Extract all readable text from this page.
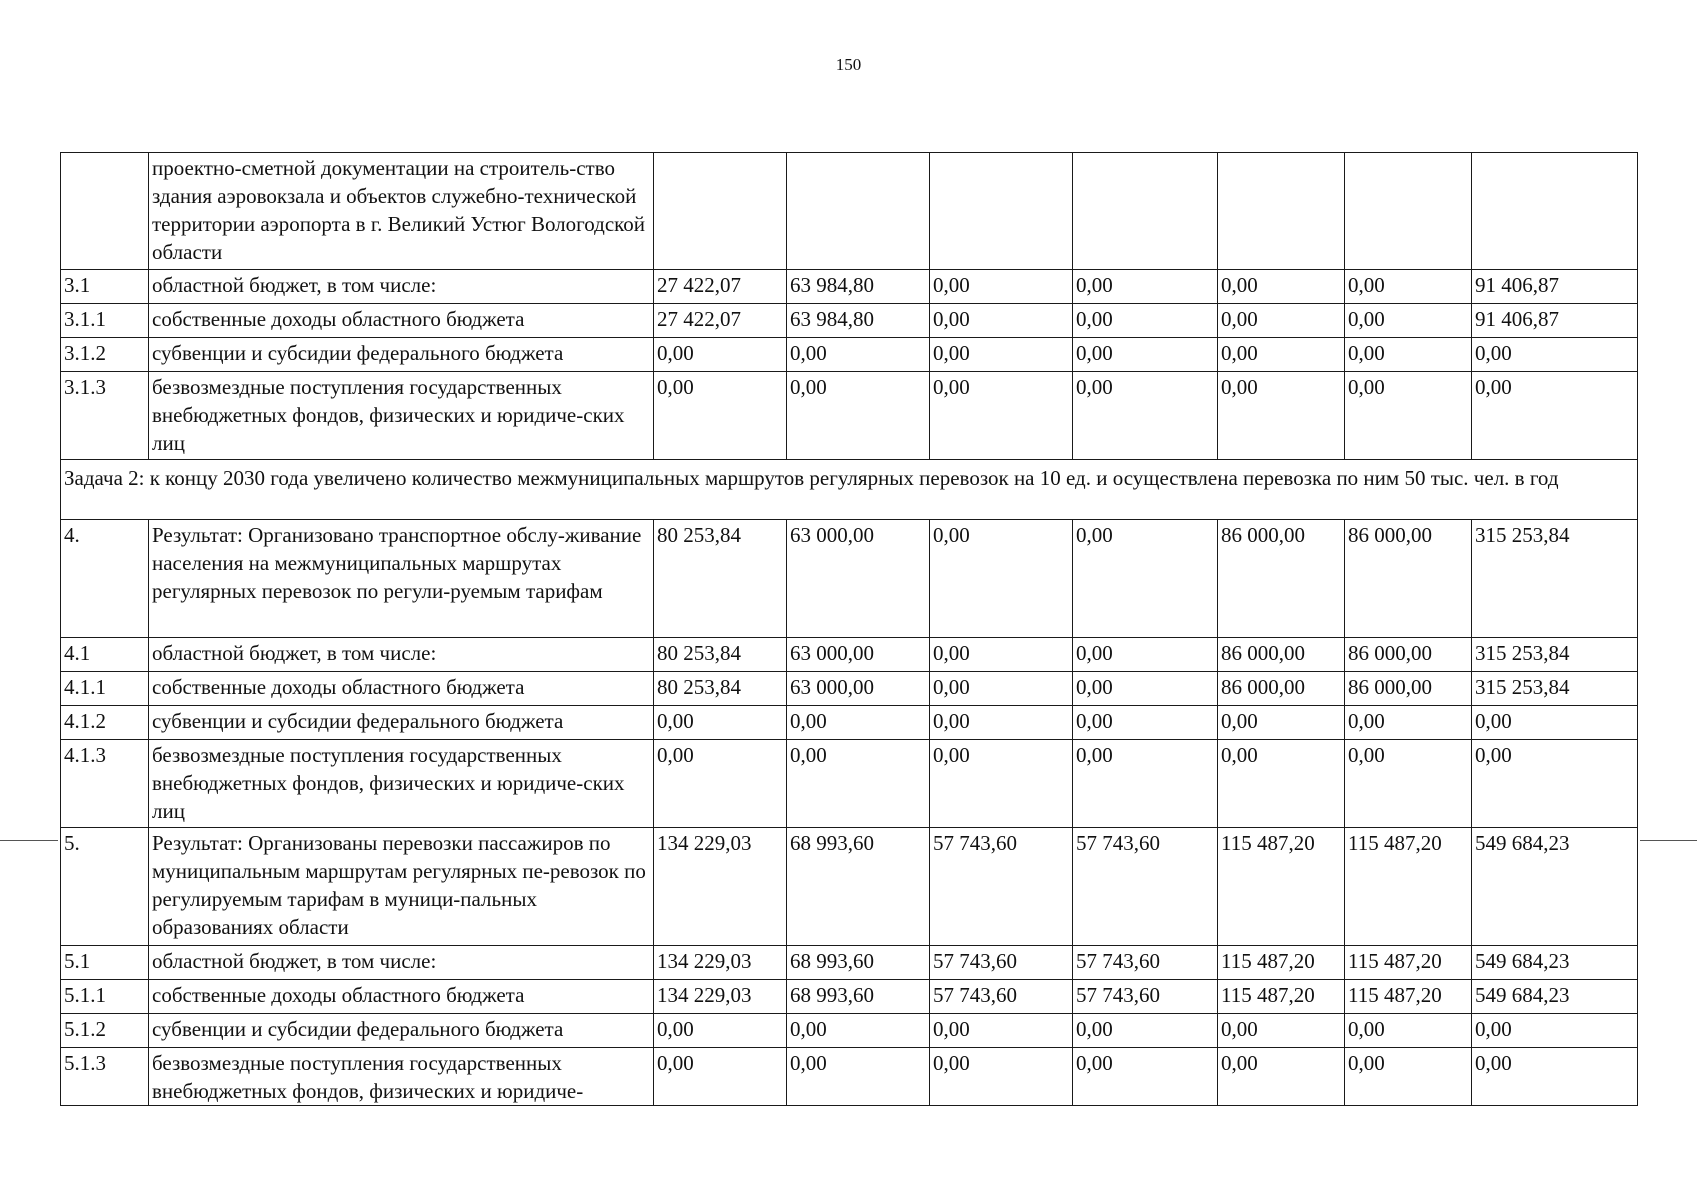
150
	проектно-сметной документации на строитель-ство здания аэровокзала и объектов служебно-технической территории аэропорта в г. Великий Устюг Вологодской области							
3.1	областной бюджет, в том числе:	27 422,07	63 984,80	0,00	0,00	0,00	0,00	91 406,87
3.1.1	собственные доходы областного бюджета	27 422,07	63 984,80	0,00	0,00	0,00	0,00	91 406,87
3.1.2	субвенции и субсидии федерального бюджета	0,00	0,00	0,00	0,00	0,00	0,00	0,00
3.1.3	безвозмездные поступления государственных внебюджетных фондов, физических и юридиче-ских лиц	0,00	0,00	0,00	0,00	0,00	0,00	0,00
Задача 2: к концу 2030 года увеличено количество межмуниципальных маршрутов регулярных перевозок на 10 ед. и осуществлена перевозка по ним 50 тыс. чел. в год								
4.	Результат: Организовано транспортное обслу-живание населения на межмуниципальных маршрутах регулярных перевозок по регули-руемым тарифам	80 253,84	63 000,00	0,00	0,00	86 000,00	86 000,00	315 253,84
4.1	областной бюджет, в том числе:	80 253,84	63 000,00	0,00	0,00	86 000,00	86 000,00	315 253,84
4.1.1	собственные доходы областного бюджета	80 253,84	63 000,00	0,00	0,00	86 000,00	86 000,00	315 253,84
4.1.2	субвенции и субсидии федерального бюджета	0,00	0,00	0,00	0,00	0,00	0,00	0,00
4.1.3	безвозмездные поступления государственных внебюджетных фондов, физических и юридиче-ских лиц	0,00	0,00	0,00	0,00	0,00	0,00	0,00
5.	Результат: Организованы перевозки пассажиров по муниципальным маршрутам регулярных пе-ревозок по регулируемым тарифам в муници-пальных образованиях области	134 229,03	68 993,60	57 743,60	57 743,60	115 487,20	115 487,20	549 684,23
5.1	областной бюджет, в том числе:	134 229,03	68 993,60	57 743,60	57 743,60	115 487,20	115 487,20	549 684,23
5.1.1	собственные доходы областного бюджета	134 229,03	68 993,60	57 743,60	57 743,60	115 487,20	115 487,20	549 684,23
5.1.2	субвенции и субсидии федерального бюджета	0,00	0,00	0,00	0,00	0,00	0,00	0,00
5.1.3	безвозмездные поступления государственных внебюджетных фондов, физических и юридиче-	0,00	0,00	0,00	0,00	0,00	0,00	0,00
